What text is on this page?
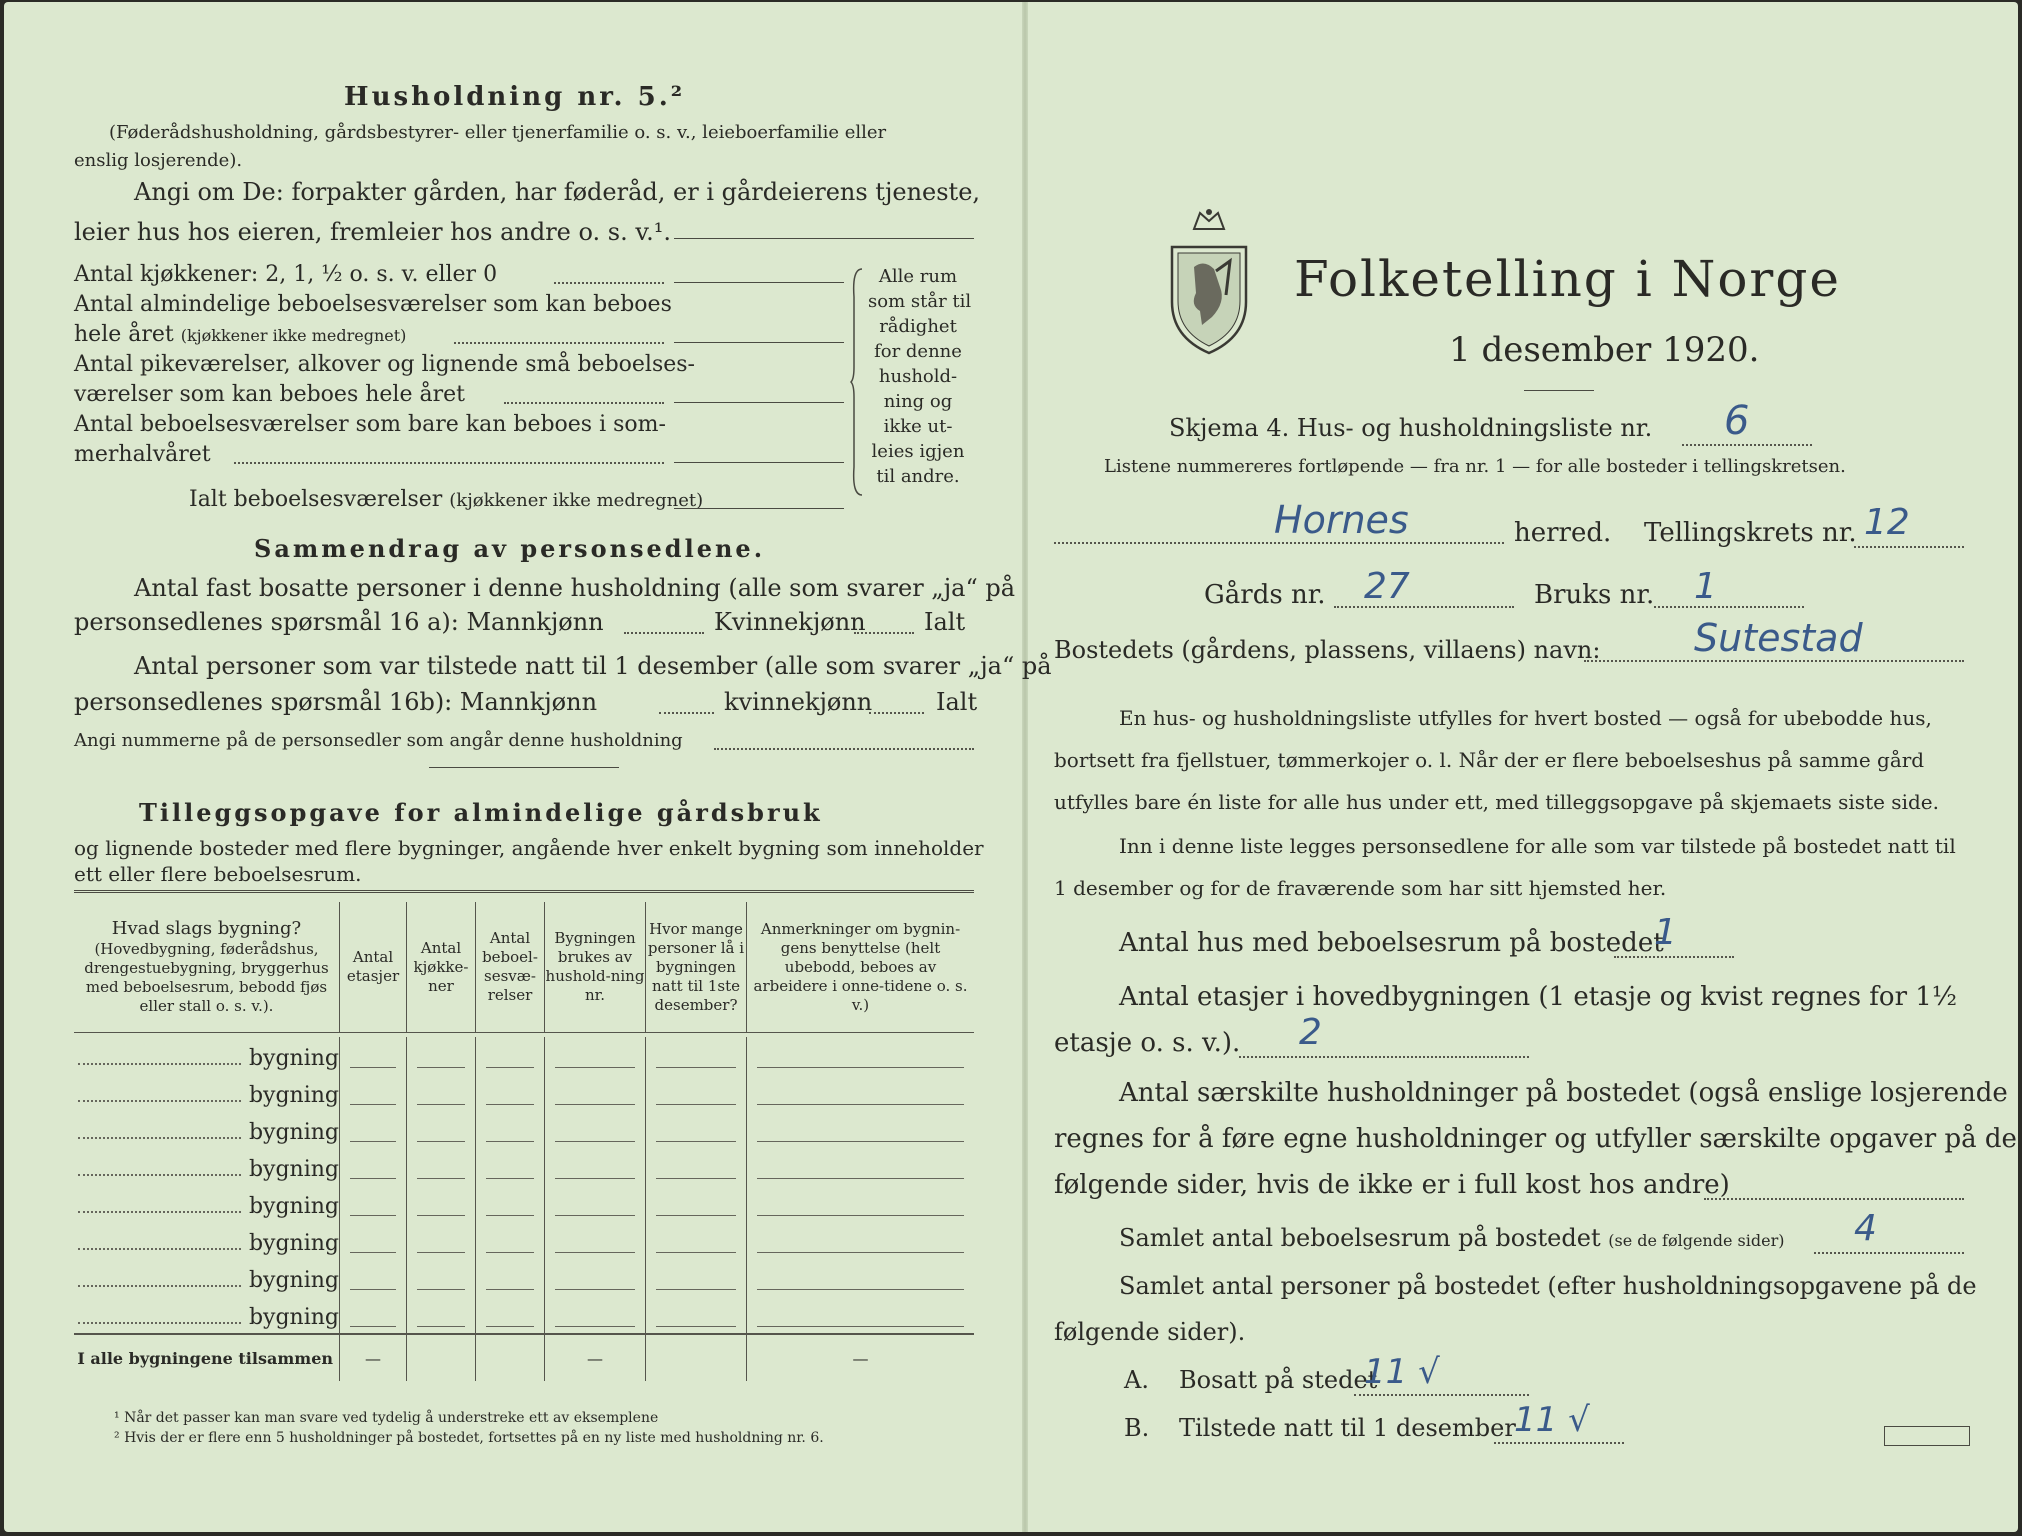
Husholdning nr. 5.²
(Føderådshusholdning, gårdsbestyrer- eller tjenerfamilie o. s. v., leieboerfamilie eller
enslig losjerende).
Angi om De: forpakter gården, har føderåd, er i gårdeierens tjeneste,
leier hus hos eieren, fremleier hos andre o. s. v.¹.
Antal kjøkkener: 2, 1, ½ o. s. v. eller 0
Antal almindelige beboelsesværelser som kan beboes
hele året (kjøkkener ikke medregnet)
Antal pikeværelser, alkover og lignende små beboelses-
værelser som kan beboes hele året
Antal beboelsesværelser som bare kan beboes i som-
merhalvåret
Ialt beboelsesværelser (kjøkkener ikke medregnet)
Alle rum
som står til
rådighet
for denne
hushold-
ning og
ikke ut-
leies igjen
til andre.
Sammendrag av personsedlene.
Antal fast bosatte personer i denne husholdning (alle som svarer „ja“ på
personsedlenes spørsmål 16 a): Mannkjønn	Kvinnekjønn Ialt
Antal personer som var tilstede natt til 1 desember (alle som svarer „ja“ på
personsedlenes spørsmål 16b): Mannkjønn	kvinnekjønn	Ialt
Angi nummerne på de personsedler som angår denne husholdning
Tilleggsopgave for almindelige gårdsbruk
og lignende bosteder med flere bygninger, angående hver enkelt bygning som inneholder
ett eller flere beboelsesrum.
Hvad slags bygning?
(Hovedbygning, føderådshus, drengestuebygning, bryggerhus med beboelsesrum, bebodd fjøs eller stall o. s. v.).	Antal etasjer	Antal kjøkke-ner	Antal beboel-sesvæ-relser	Bygningen brukes av hushold-ning nr.	Hvor mange personer lå i bygningen natt til 1ste desember?	Anmerkninger om bygnin-gens benyttelse (helt ubebodd, beboes av arbeidere i onne-tidene o. s. v.)

bygning						

bygning						

bygning						

bygning						

bygning						

bygning						

bygning						

bygning						

I alle bygningene tilsammen	—			—		—
¹ Når det passer kan man svare ved tydelig å understreke ett av eksemplene
² Hvis der er flere enn 5 husholdninger på bostedet, fortsettes på en ny liste med husholdning nr. 6.
Folketelling i Norge
1 desember 1920.
Skjema 4. Hus- og husholdningsliste nr. 6
Listene nummereres fortløpende — fra nr. 1 — for alle bosteder i tellingskretsen.
Hornes	herred. Tellingskrets nr. 12
Gårds nr. 27	Bruks nr. 1
Bostedets (gårdens, plassens, villaens) navn: Sutestad
En hus- og husholdningsliste utfylles for hvert bosted — også for ubebodde hus,
bortsett fra fjellstuer, tømmerkojer o. l. Når der er flere beboelseshus på samme gård
utfylles bare én liste for alle hus under ett, med tilleggsopgave på skjemaets siste side.
Inn i denne liste legges personsedlene for alle som var tilstede på bostedet natt til
1 desember og for de fraværende som har sitt hjemsted her.
Antal hus med beboelsesrum på bostedet
1
Antal etasjer i hovedbygningen (1 etasje og kvist regnes for 1½
etasje o. s. v.). 2
Antal særskilte husholdninger på bostedet (også enslige losjerende
regnes for å føre egne husholdninger og utfyller særskilte opgaver på de
følgende sider, hvis de ikke er i full kost hos andre)
Samlet antal beboelsesrum på bostedet (se de følgende sider) 4
Samlet antal personer på bostedet (efter husholdningsopgavene på de
følgende sider).
A. Bosatt på stedet
11 √
B. Tilstede natt til 1 desember
11 √
